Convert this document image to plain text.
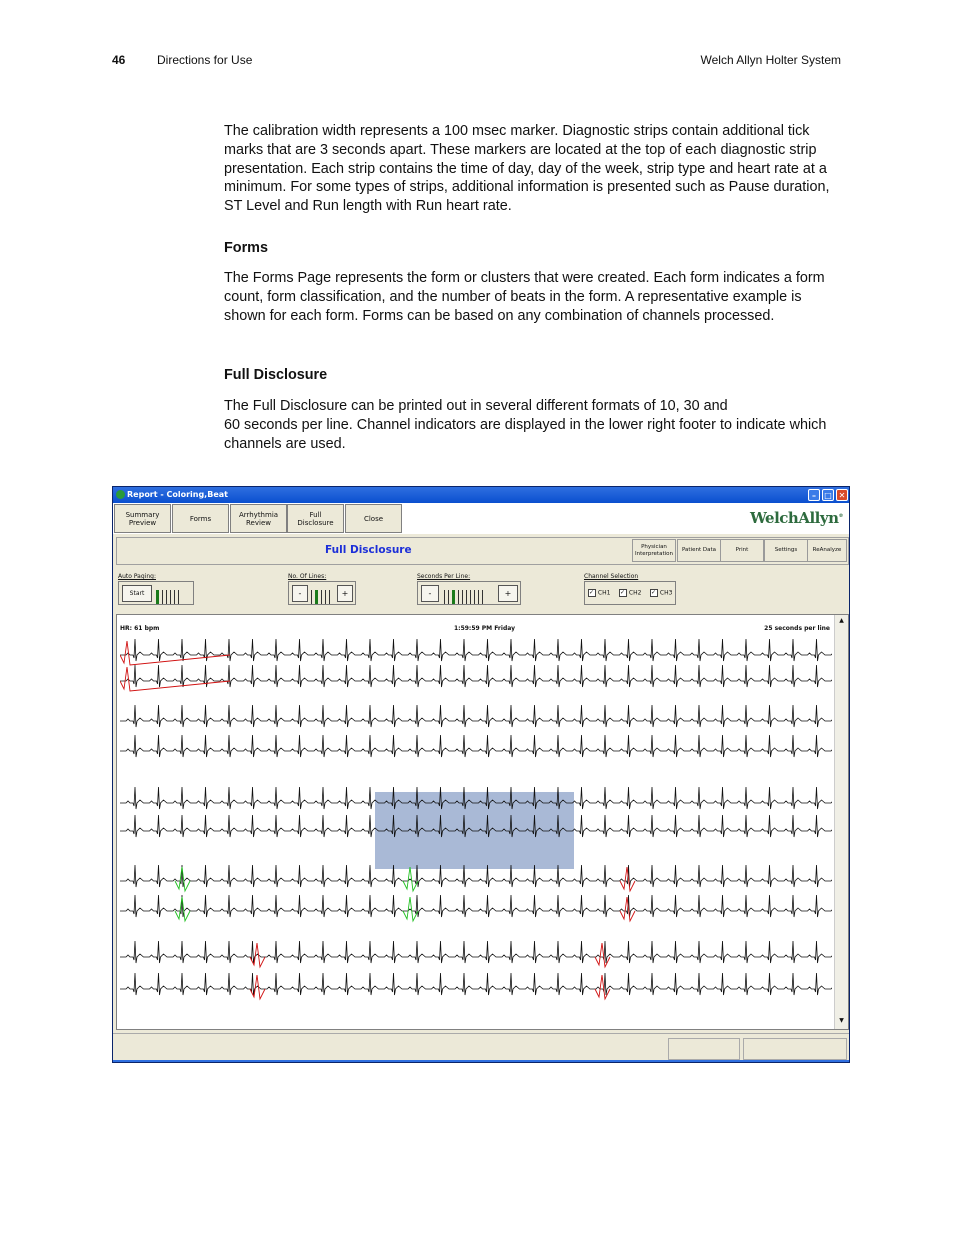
46	Directions for Use	Welch Allyn Holter System

The calibration width represents a 100 msec marker. Diagnostic strips contain additional tick marks that are 3 seconds apart. These markers are located at the top of each diagnostic strip presentation. Each strip contains the time of day, day of the week, strip type and heart rate at a minimum. For some types of strips, additional information is presented such as Pause duration, ST Level and Run length with Run heart rate.

Forms

The Forms Page represents the form or clusters that were created. Each form indicates a form count, form classification, and the number of beats in the form. A representative example is shown for each form. Forms can be based on any combination of channels processed.

Full Disclosure

The Full Disclosure can be printed out in several different formats of 10, 30 and
60 seconds per line. Channel indicators are displayed in the lower right footer to indicate which channels are used.

Report - Coloring,Beat	–	□ ✕
Summary
Preview	Forms	Arrhythmia
Review
Full
Disclosure	Close	WelchAllyn®
Full Disclosure	Physician
Interpretation
Patient Data	Print	Settings	ReAnalyze
Auto Paging:
Start
No. Of Lines:
-	+
Seconds Per Line:
-	+
Channel Selection
✓ CH1 ✓ CH2 ✓ CH3
HR: 61 bpm	1:59:59 PM Friday	25 seconds per line
▲
▼
